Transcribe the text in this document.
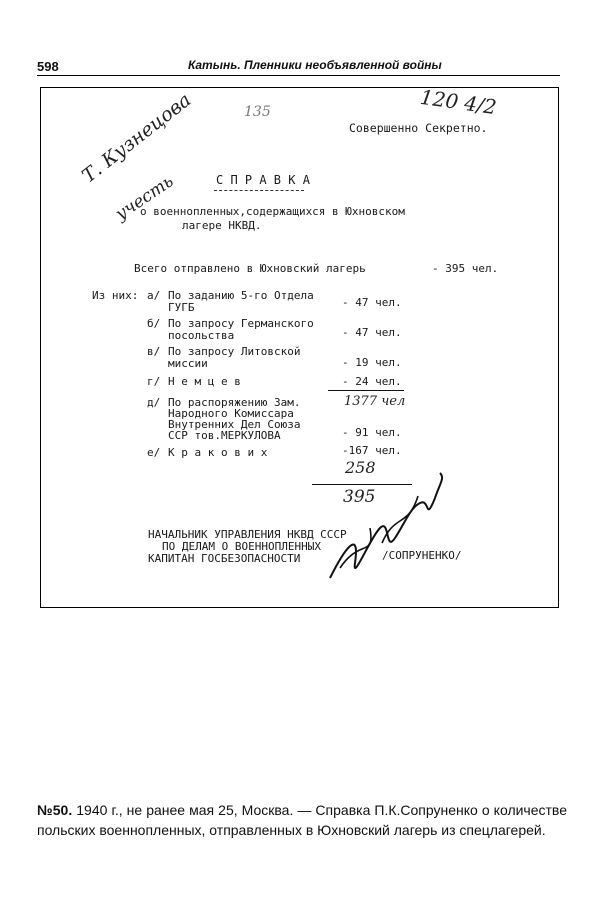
598	Катынь. Пленники необъявленной войны
135	120 4/2
Совершенно Секретно.
Т. Кузнецова
учесть	С П Р А В К А
о военнопленных,содержащихся в Юхновском
лагере НКВД.
Всего отправлено в Юхновский лагерь	- 395 чел.
Из них: а/ По заданию 5-го Отдела
ГУГБ	- 47 чел.
б/ По запросу Германского
посольства	- 47 чел.
в/ По запросу Литовской
миссии	- 19 чел.
г/ Н е м ц е в	- 24 чел.
д/ По распоряжению Зам.
Народного Комиссара
Внутренних Дел Союза
ССР тов.МЕРКУЛОВА
1377 чел
- 91 чел.
е/ К р а к о в и х	-167 чел.
258
395
НАЧАЛЬНИК УПРАВЛЕНИЯ НКВД СССР
ПО ДЕЛАМ О ВОЕННОПЛЕННЫХ
КАПИТАН ГОСБЕЗОПАСНОСТИ	/СОПРУНЕНКО/
№50. 1940 г., не ранее мая 25, Москва. — Справка П.К.Сопруненко о количестве польских военнопленных, отправленных в Юхновский лагерь из спецлагерей.
